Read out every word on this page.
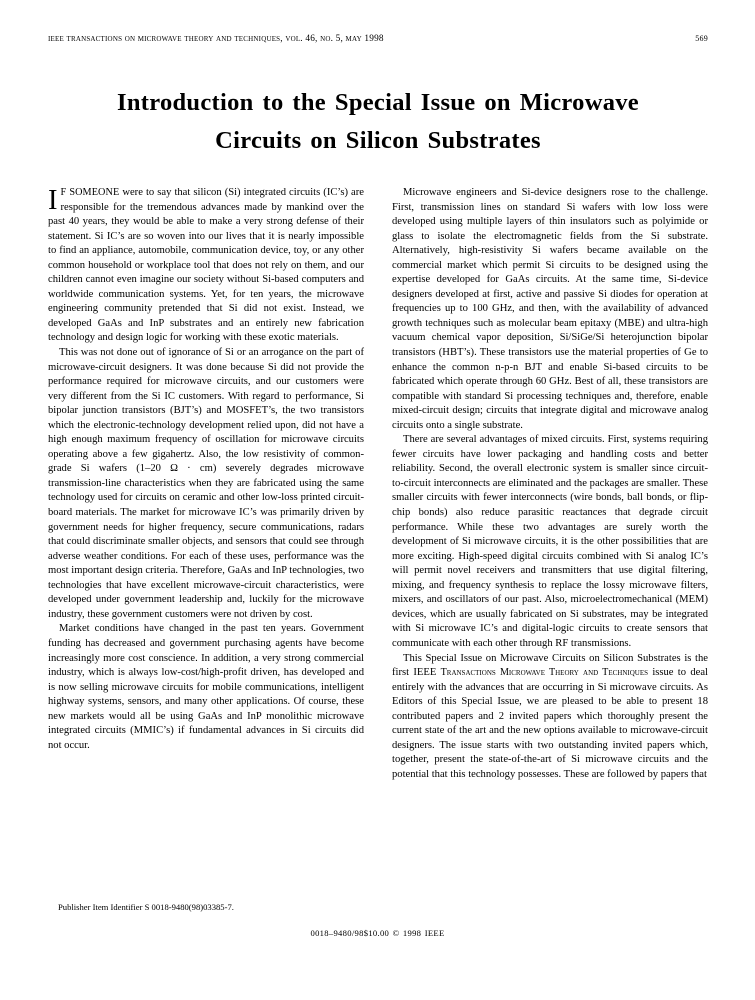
ieee transactions on microwave theory and techniques, vol. 46, no. 5, may 1998	569
Introduction to the Special Issue on Microwave
Circuits on Silicon Substrates

I F SOMEONE were to say that silicon (Si) integrated circuits (IC’s) are responsible for the tremendous advances made by mankind over the past 40 years, they would be able to make a very strong defense of their statement. Si IC’s are so woven into our lives that it is nearly impossible to find an appliance, automobile, communication device, toy, or any other common household or workplace tool that does not rely on them, and our children cannot even imagine our society without Si-based computers and worldwide communication systems. Yet, for ten years, the microwave engineering community pretended that Si did not exist. Instead, we developed GaAs and InP substrates and an entirely new fabrication technology and design logic for working with these exotic materials.

This was not done out of ignorance of Si or an arrogance on the part of microwave-circuit designers. It was done because Si did not provide the performance required for microwave circuits, and our customers were very different from the Si IC customers. With regard to performance, Si bipolar junction transistors (BJT’s) and MOSFET’s, the two transistors which the electronic-technology development relied upon, did not have a high enough maximum frequency of oscillation for microwave circuits operating above a few gigahertz. Also, the low resistivity of common-grade Si wafers (1–20 Ω · cm) severely degrades microwave transmission-line characteristics when they are fabricated using the same technology used for circuits on ceramic and other low-loss printed circuit-board materials. The market for microwave IC’s was primarily driven by government needs for higher frequency, secure communications, radars that could discriminate smaller objects, and sensors that could see through adverse weather conditions. For each of these uses, performance was the most important design criteria. Therefore, GaAs and InP technologies, two technologies that have excellent microwave-circuit characteristics, were developed under government leadership and, luckily for the microwave industry, these government customers were not driven by cost.

Market conditions have changed in the past ten years. Government funding has decreased and government purchasing agents have become increasingly more cost conscience. In addition, a very strong commercial industry, which is always low-cost/high-profit driven, has developed and is now selling microwave circuits for mobile communications, intelligent highway systems, sensors, and many other applications. Of course, these new markets would all be using GaAs and InP monolithic microwave integrated circuits (MMIC’s) if fundamental advances in Si circuits did not occur.

Microwave engineers and Si-device designers rose to the challenge. First, transmission lines on standard Si wafers with low loss were developed using multiple layers of thin insulators such as polyimide or glass to isolate the electromagnetic fields from the Si substrate. Alternatively, high-resistivity Si wafers became available on the commercial market which permit Si circuits to be designed using the expertise developed for GaAs circuits. At the same time, Si-device designers developed at first, active and passive Si diodes for operation at frequencies up to 100 GHz, and then, with the availability of advanced growth techniques such as molecular beam epitaxy (MBE) and ultra-high vacuum chemical vapor deposition, Si/SiGe/Si heterojunction bipolar transistors (HBT’s). These transistors use the material properties of Ge to enhance the common n-p-n BJT and enable Si-based circuits to be fabricated which operate through 60 GHz. Best of all, these transistors are compatible with standard Si processing techniques and, therefore, enable mixed-circuit design; circuits that integrate digital and microwave analog circuits onto a single substrate.

There are several advantages of mixed circuits. First, systems requiring fewer circuits have lower packaging and handling costs and better reliability. Second, the overall electronic system is smaller since circuit-to-circuit interconnects are eliminated and the packages are smaller. These smaller circuits with fewer interconnects (wire bonds, ball bonds, or flip-chip bonds) also reduce parasitic reactances that degrade circuit performance. While these two advantages are surely worth the development of Si microwave circuits, it is the other possibilities that are more exciting. High-speed digital circuits combined with Si analog IC’s will permit novel receivers and transmitters that use digital filtering, mixing, and frequency synthesis to replace the lossy microwave filters, mixers, and oscillators of our past. Also, microelectromechanical (MEM) devices, which are usually fabricated on Si substrates, may be integrated with Si microwave IC’s and digital-logic circuits to create sensors that communicate with each other through RF transmissions.

This Special Issue on Microwave Circuits on Silicon Substrates is the first IEEE Transactions Microwave Theory and Techniques issue to deal entirely with the advances that are occurring in Si microwave circuits. As Editors of this Special Issue, we are pleased to be able to present 18 contributed papers and 2 invited papers which thoroughly present the current state of the art and the new options available to microwave-circuit designers. The issue starts with two outstanding invited papers which, together, present the state-of-the-art of Si microwave circuits and the potential that this technology possesses. These are followed by papers that

Publisher Item Identifier S 0018-9480(98)03385-7.
0018–9480/98$10.00 © 1998 IEEE
